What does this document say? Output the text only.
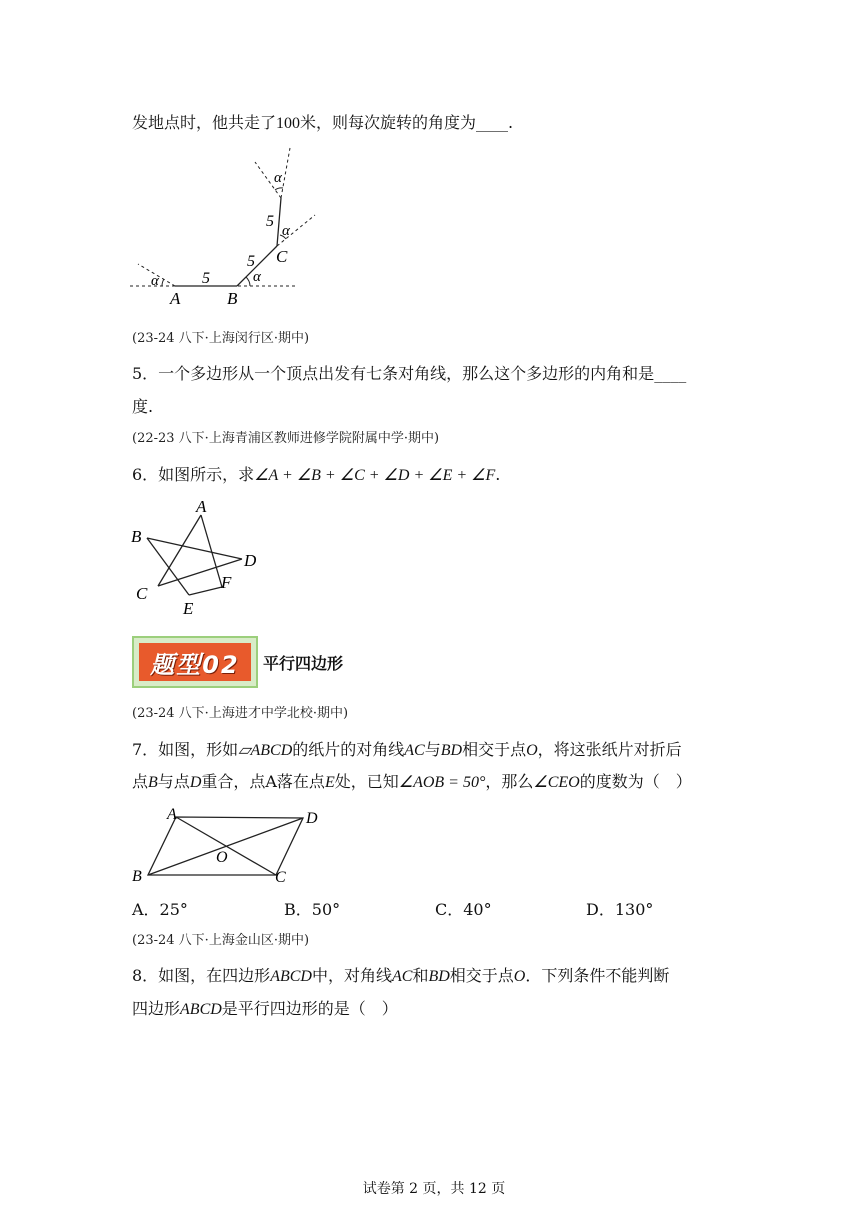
发地点时，他共走了100米，则每次旋转的角度为____.
α
5
α
C
5
α
α	5
A	B
(23-24 八下·上海闵行区·期中)
5．一个多边形从一个顶点出发有七条对角线，那么这个多边形的内角和是____
度.
(22-23 八下·上海青浦区教师进修学院附属中学·期中)
6．如图所示，求∠A + ∠B + ∠C + ∠D + ∠E + ∠F.
A
B
D
C
F
E
题型02	平行四边形
(23-24 八下·上海进才中学北校·期中)
7．如图，形如▱ABCD的纸片的对角线AC与BD相交于点O，将这张纸片对折后
点B与点D重合，点A落在点E处，已知∠AOB = 50°，那么∠CEO的度数为（　）
A	D
O
B	C
A．25°	B．50°	C．40°	D．130°
(23-24 八下·上海金山区·期中)
8．如图，在四边形ABCD中，对角线AC和BD相交于点O．下列条件不能判断
四边形ABCD是平行四边形的是（　）
试卷第 2 页，共 12 页
